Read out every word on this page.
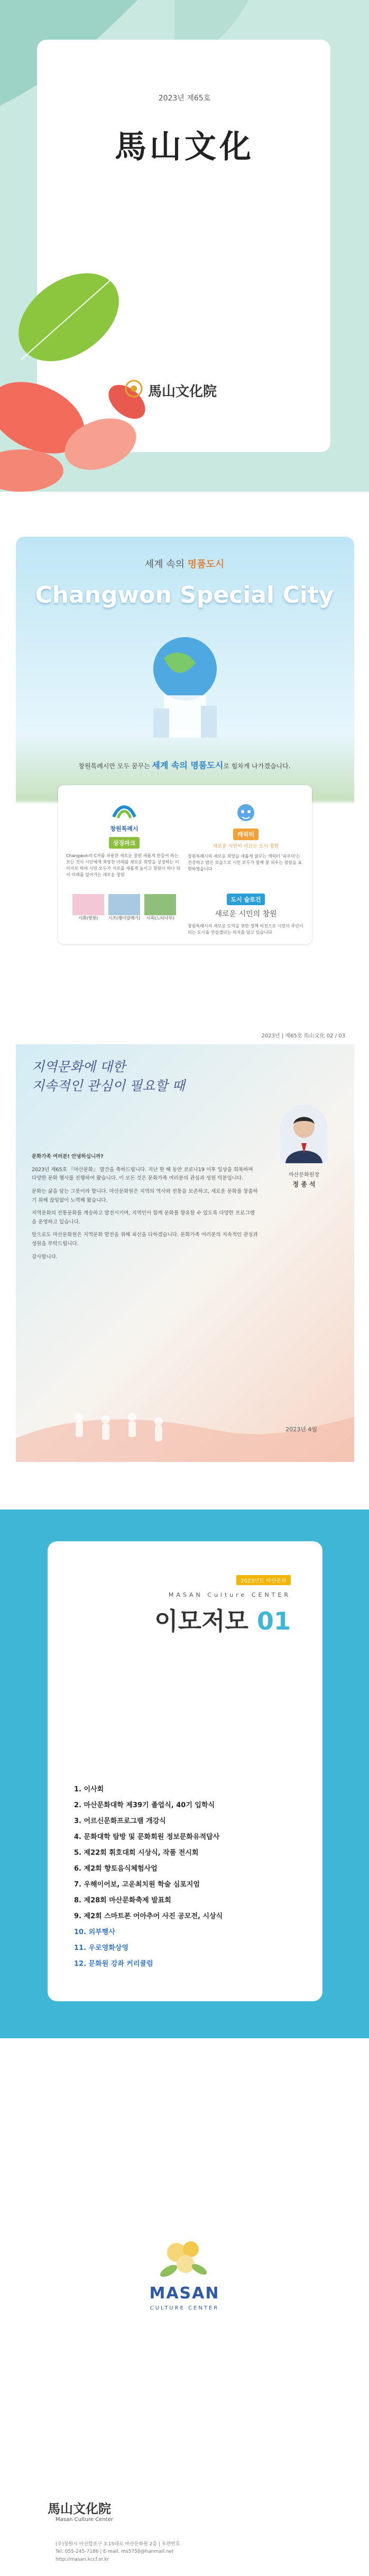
2023년 제65호
馬山文化
馬山文化院
세계 속의 명품도시
Changwon Special City
창원특례시만 모두 꿈꾸는 세계 속의 명품도시로 힘차게 나가겠습니다.
창원특례시
상징마크
Changwon의 C자를 자용한 새로운 창원 새롭게 만들어 하는 모든 것이 시민에게 희망찬 미래를 새로운 희망을 상징하는 이미지로 하여 시민 모두가 서로를 새롭게 높이고 창원이 하나 되어 미래를 열어가는 새로운 창원
시화(벚꽃)	시조(괭이갈매기)	시목(느티나무)
캐릭터
새로운 시민이 이끄는 도시 창원
창원특례시의 새로운 희망을 새롭게 꿈꾸는 캐릭터 '피우미'는 건강하고 밝은 모습으로 시민 모두가 함께 꽃 피우는 창원을 표현하였습니다
도시 슬로건
새로운 시민의 창원
창원특례시의 새로운 도약을 위한 정책 비전으로 시민이 주인이 되는 도시를 만들겠다는 의지를 담고 있습니다
2023년 | 제65호 馬山文化 02 / 03
지역문화에 대한
지속적인 관심이 필요할 때

문화가족 여러분! 안녕하십니까?

2023년 제65호 『마산문화』 발간을 축하드립니다. 지난 한 해 동안 코로나19 이후 일상을 회복하며 다양한 문화 행사를 진행하여 왔습니다. 이 모든 것은 문화가족 여러분의 관심과 성원 덕분입니다.

문화는 삶을 담는 그릇이라 합니다. 마산문화원은 지역의 역사와 전통을 보존하고, 새로운 문화를 창출하기 위해 끊임없이 노력해 왔습니다.

지역문화의 전통문화를 계승하고 발전시키며, 지역민이 함께 문화를 향유할 수 있도록 다양한 프로그램을 운영하고 있습니다.

앞으로도 마산문화원은 지역문화 발전을 위해 최선을 다하겠습니다. 문화가족 여러분의 지속적인 관심과 성원을 부탁드립니다.

감사합니다.

마산문화원장
정 종 석
2023년 4월
2023년도 마산문화
MASAN Culture CENTER
이모저모 01
1. 이사회
2. 마산문화대학 제39기 졸업식, 40기 입학식
3. 어르신문화프로그램 개강식
4. 문화대학 탐방 및 문화회원 정보문화유적답사
5. 제22회 휘호대회 시상식, 작품 전시회
6. 제2회 향토음식체험사업
7. 우해이어보, 고운최치원 학술 심포지엄
8. 제28회 마산문화축제 발표회
9. 제2회 스마트폰 어아추어 사진 공모전, 시상식
10. 외부행사
11. 우로영화상영
12. 문화원 강좌 커리큘럼
MASAN
CULTURE CENTER
馬山文化院
Masan Culture Center
(주)창원시 마산합포구 3.15대로 마산문화원 2층 | 우편번호
Tel. 055-245-7186 | E-mail. ms5758@hanmail.net
http://masan.kccf.or.kr
